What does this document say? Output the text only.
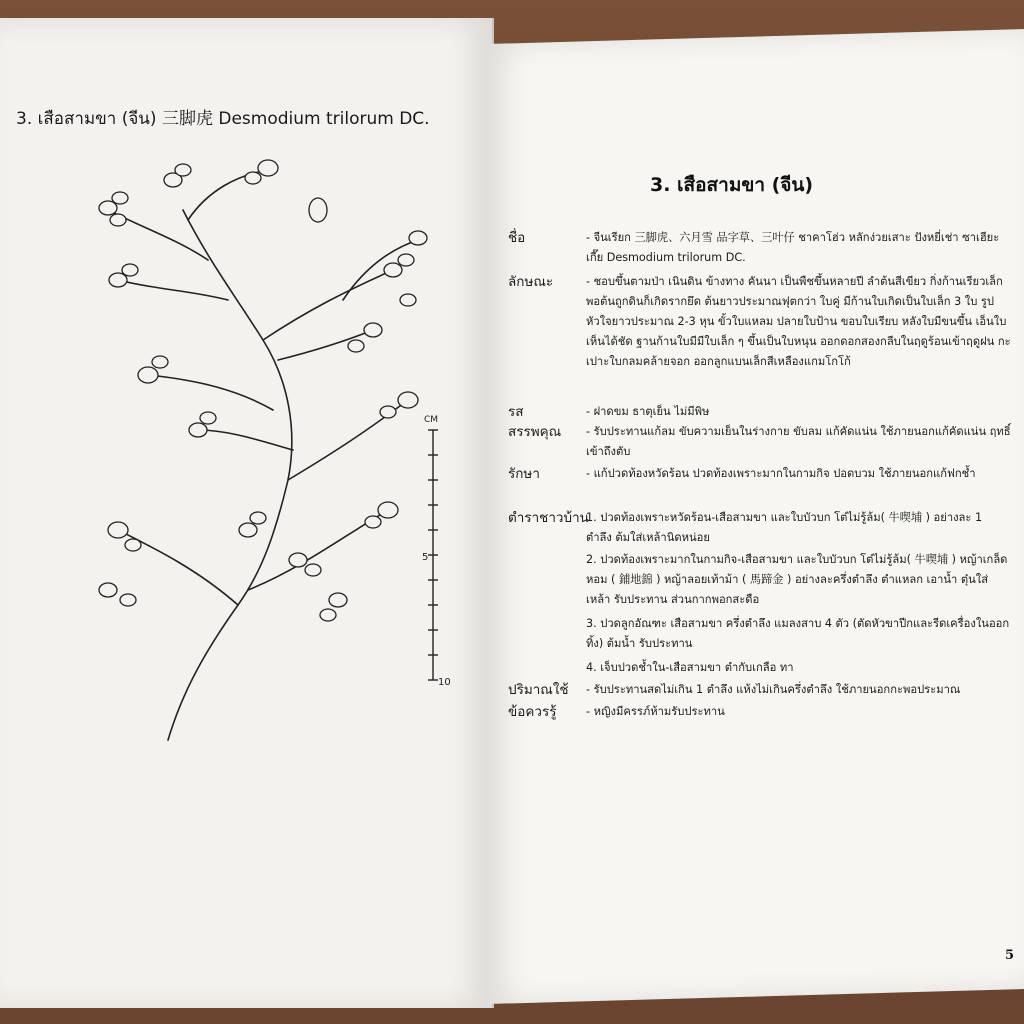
3. เสือสามขา (จีน) 三脚虎 Desmodium trilorum DC.
CM
5
10
3. เสือสามขา (จีน)
ชื่อ	- จีนเรียก 三脚虎、六月雪 品字草、三叶仔 ชาคาโฮ่ว หลักง่วยเสาะ ปังหยี่เช่า ซาเฮียะเกี๊ย Desmodium trilorum DC.
ลักษณะ	- ชอบขึ้นตามป่า เนินดิน ข้างทาง คันนา เป็นพืชขึ้นหลายปี ลำต้นสีเขียว กิ่งก้านเรียวเล็ก พอต้นถูกดินก็เกิดรากยึด ต้นยาวประมาณฟุตกว่า ใบคู่ มีก้านใบเกิดเป็นใบเล็ก 3 ใบ รูปหัวใจยาวประมาณ 2-3 หุน ขั้วใบแหลม ปลายใบป้าน ขอบใบเรียบ หลังใบมีขนขึ้น เอ็นใบเห็นได้ชัด ฐานก้านใบมีมีใบเล็ก ๆ ขึ้นเป็นใบหนุน ออกดอกสองกลีบในฤดูร้อนเข้าฤดูฝน กะเปาะใบกลมคล้ายจอก ออกลูกแบนเล็กสีเหลืองแกมโกโก้
รส	- ฝาดขม ธาตุเย็น ไม่มีพิษ
สรรพคุณ - รับประทานแก้ลม ขับความเย็นในร่างกาย ขับลม แก้คัดแน่น ใช้ภายนอกแก้คัดแน่น ฤทธิ์เข้าถึงตับ
รักษา	- แก้ปวดท้องหวัดร้อน ปวดท้องเพราะมากในกามกิจ ปอดบวม ใช้ภายนอกแก้ฟกช้ำ
ตำราชาวบ้าน
1. ปวดท้องเพราะหวัดร้อน-เสือสามขา และใบบัวบก โต๋ไม่รู้ล้ม( 牛喫埔 ) อย่างละ 1 ตำลึง ต้มใส่เหล้านิดหน่อย
2. ปวดท้องเพราะมากในกามกิจ-เสือสามขา และใบบัวบก โต๋ไม่รู้ล้ม( 牛喫埔 ) หญ้าเกล็ดหอม ( 鋪地錦 ) หญ้าลอยเท้าม้า ( 馬蹄金 ) อย่างละครึ่งตำลึง ตำแหลก เอาน้ำ ตุ๋นใส่เหล้า รับประทาน ส่วนกากพอกสะดือ
3. ปวดลูกอัณฑะ เสือสามขา ครึ่งตำลึง แมลงสาบ 4 ตัว (ตัดหัวขาปีกและรีดเครื่องในออกทิ้ง) ต้มน้ำ รับประทาน
4. เจ็บปวดช้ำใน-เสือสามขา ตำกับเกลือ ทา
ปริมาณใช้ - รับประทานสดไม่เกิน 1 ตำลึง แห้งไม่เกินครึ่งตำลึง ใช้ภายนอกกะพอประมาณ
ข้อควรรู้	- หญิงมีครรภ์ห้ามรับประทาน
5
